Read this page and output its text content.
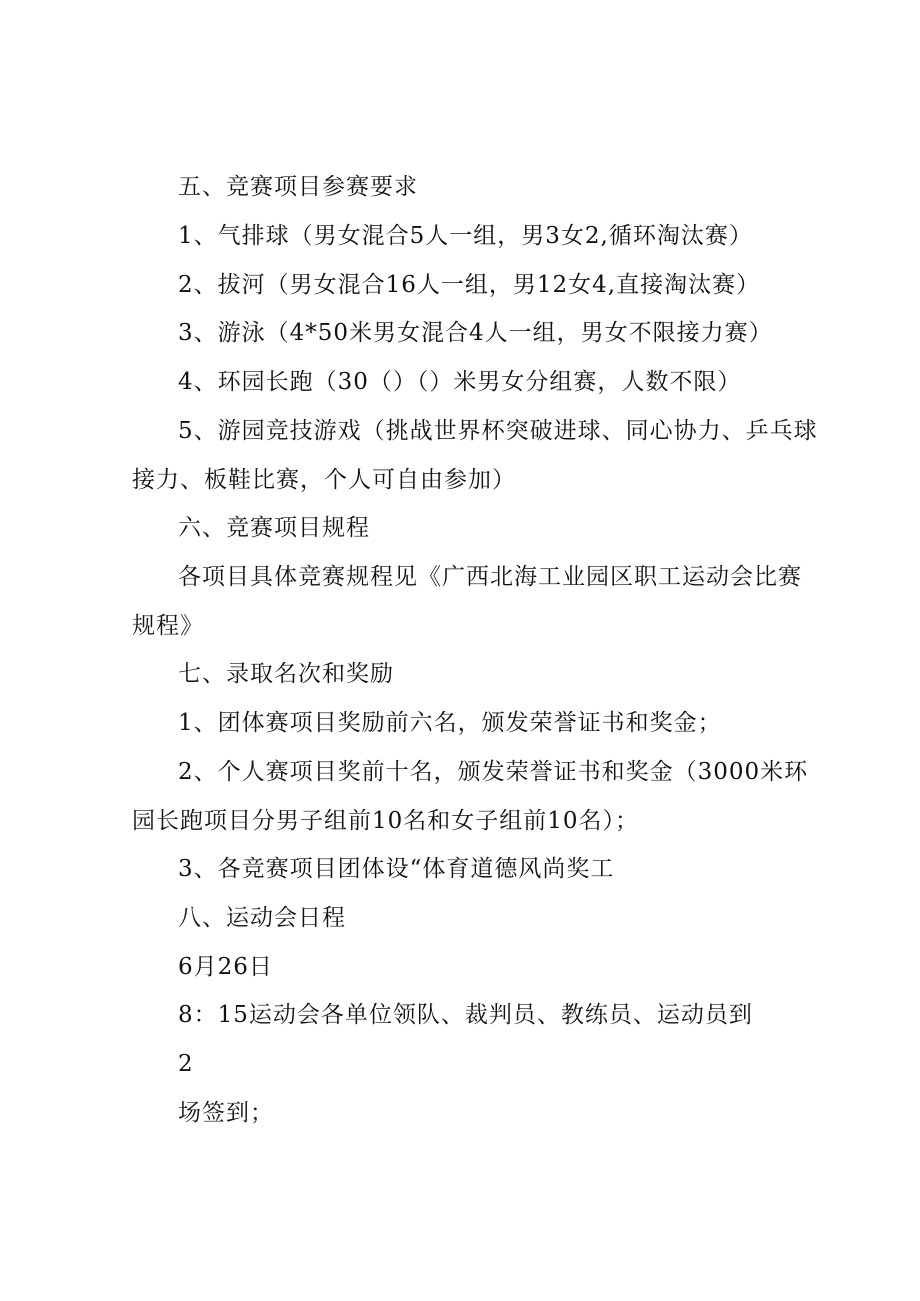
五、竞赛项目参赛要求
1、气排球（男女混合5人一组，男3女2,循环淘汰赛）
2、拔河（男女混合16人一组，男12女4,直接淘汰赛）
3、游泳（4*50米男女混合4人一组，男女不限接力赛）
4、环园长跑（30（）（）米男女分组赛，人数不限）
5、游园竞技游戏（挑战世界杯突破进球、同心协力、乒乓球
接力、板鞋比赛，个人可自由参加）
六、竞赛项目规程
各项目具体竞赛规程见《广西北海工业园区职工运动会比赛
规程》
七、录取名次和奖励
1、团体赛项目奖励前六名，颁发荣誉证书和奖金；
2、个人赛项目奖前十名，颁发荣誉证书和奖金（3000米环
园长跑项目分男子组前10名和女子组前10名）；
3、各竞赛项目团体设“体育道德风尚奖工
八、运动会日程
6月26日
8：15运动会各单位领队、裁判员、教练员、运动员到
2
场签到；
